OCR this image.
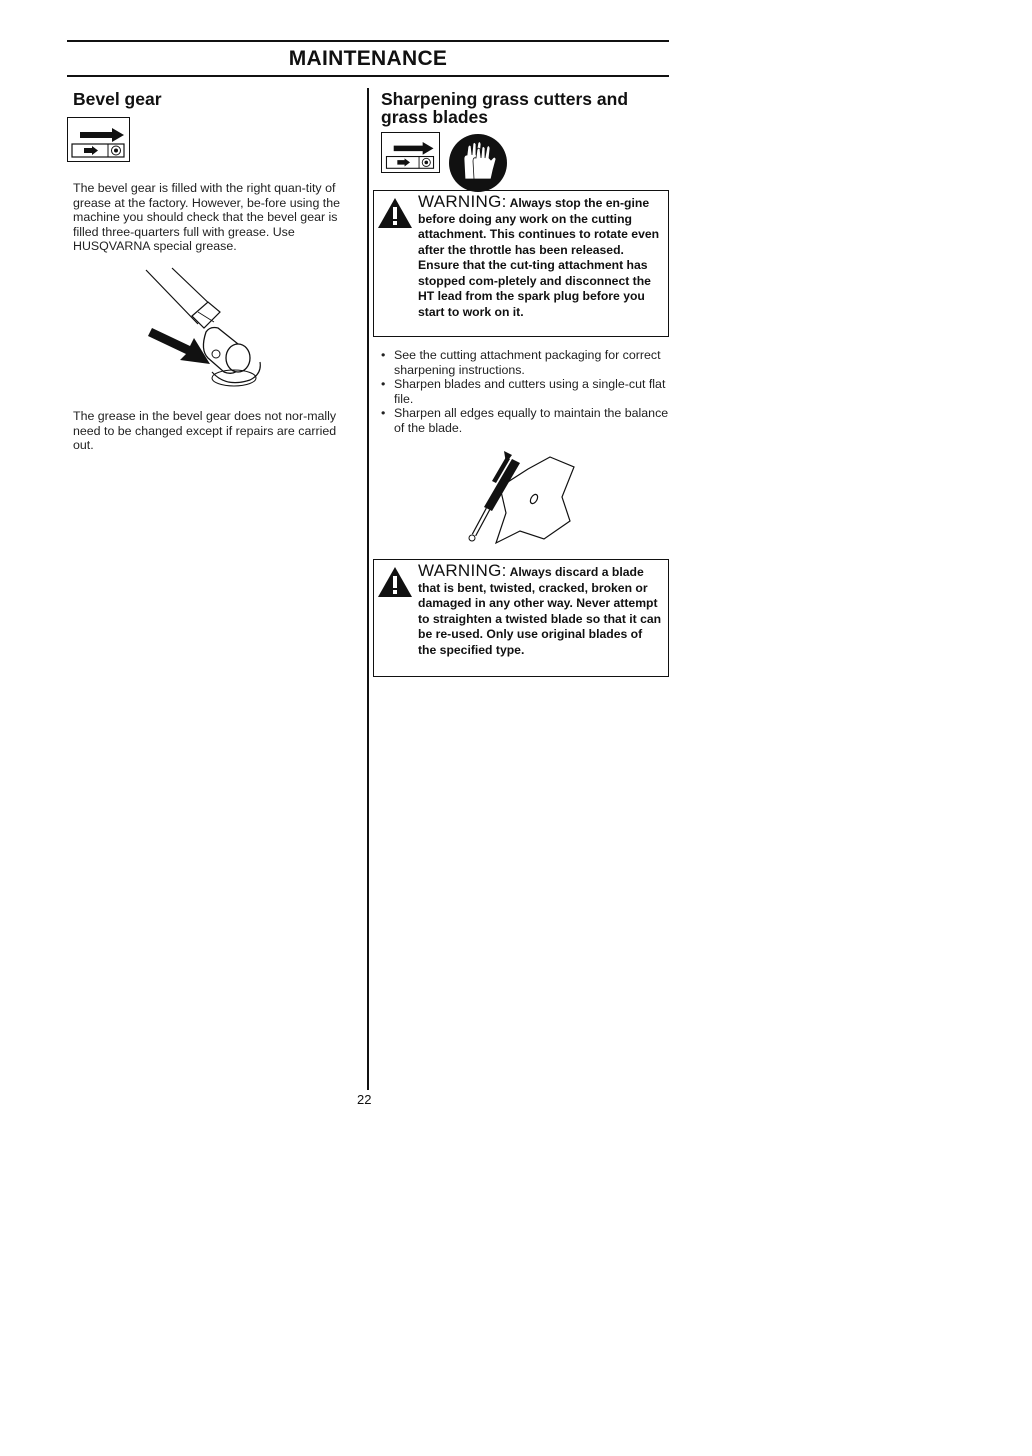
MAINTENANCE
Bevel gear
The bevel gear is filled with the right quan-tity of grease at the factory. However, be-fore using the machine you should check that the bevel gear is filled three-quarters full with grease. Use HUSQVARNA special grease.
The grease in the bevel gear does not nor-mally need to be changed except if repairs are carried out.
Sharpening grass cutters and grass blades
WARNING: Always stop the en-gine before doing any work on the cutting attachment. This continues to rotate even after the throttle has been released. Ensure that the cut-ting attachment has stopped com-pletely and disconnect the HT lead from the spark plug before you start to work on it.
• See the cutting attachment packaging for correct sharpening instructions.
• Sharpen blades and cutters using a single-cut flat file.
• Sharpen all edges equally to maintain the balance of the blade.
WARNING: Always discard a blade that is bent, twisted, cracked, broken or damaged in any other way. Never attempt to straighten a twisted blade so that it can be re-used. Only use original blades of the specified type.
22
